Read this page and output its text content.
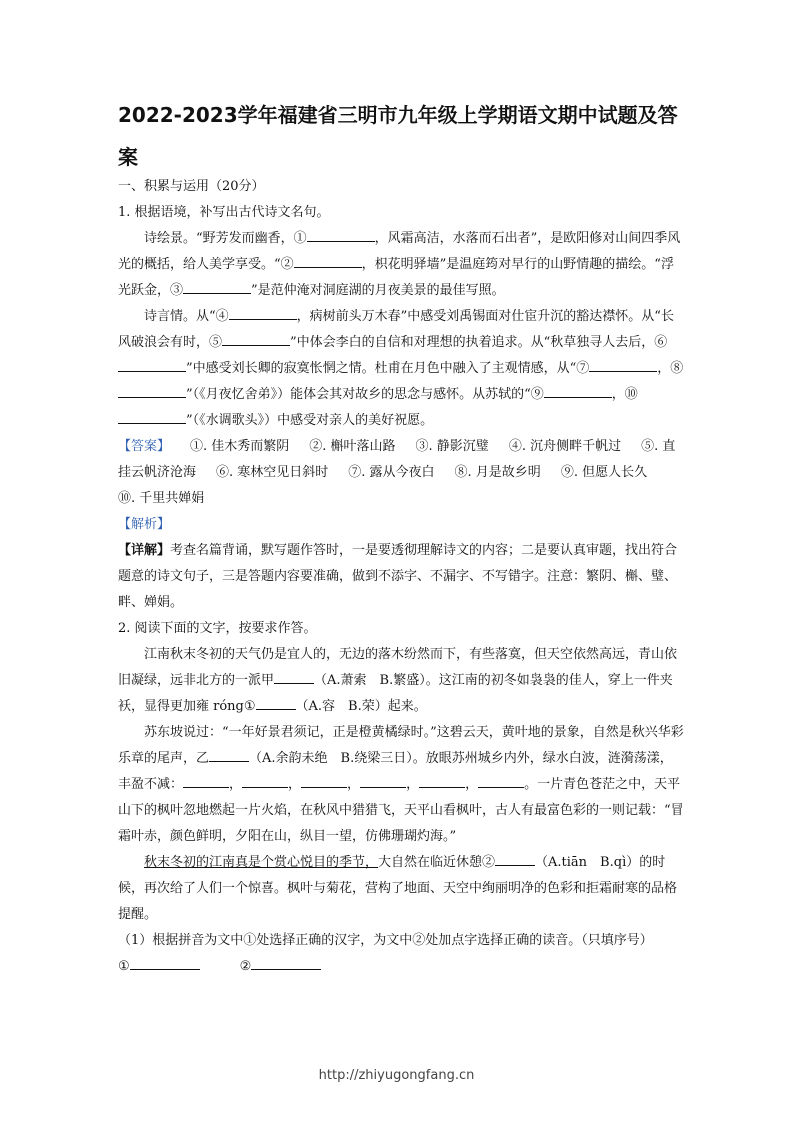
2022-2023学年福建省三明市九年级上学期语文期中试题及答案

一、积累与运用（20分）

1. 根据语境，补写出古代诗文名句。

诗绘景。“野芳发而幽香，①	，风霜高洁，水落而石出者”，是欧阳修对山间四季风光的概括，给人美学享受。“②	，枳花明驿墙”是温庭筠对早行的山野情趣的描绘。“浮光跃金，③	”是范仲淹对洞庭湖的月夜美景的最佳写照。

诗言情。从“④	，病树前头万木春”中感受刘禹锡面对仕宦升沉的豁达襟怀。从“长风破浪会有时，⑤	”中体会李白的自信和对理想的执着追求。从“秋草独寻人去后，⑥”中感受刘长卿的寂寞怅惘之情。杜甫在月色中融入了主观情感，从“⑦	，⑧”（《月夜忆舍弟》）能体会其对故乡的思念与感怀。从苏轼的“⑨	，⑩”（《水调歌头》）中感受对亲人的美好祝愿。

【答案】 ①. 佳木秀而繁阴 ②. 槲叶落山路 ③. 静影沉璧 ④. 沉舟侧畔千帆过 ⑤. 直挂云帆济沧海 ⑥. 寒林空见日斜时 ⑦. 露从今夜白 ⑧. 月是故乡明 ⑨. 但愿人长久⑩. 千里共婵娟

【解析】

【详解】考查名篇背诵，默写题作答时，一是要透彻理解诗文的内容；二是要认真审题，找出符合题意的诗文句子，三是答题内容要准确，做到不添字、不漏字、不写错字。注意：繁阴、槲、璧、畔、婵娟。

2. 阅读下面的文字，按要求作答。

江南秋末冬初的天气仍是宜人的，无边的落木纷然而下，有些落寞，但天空依然高远，青山依旧凝绿，远非北方的一派甲	（A.萧索　B.繁盛）。这江南的初冬如袅袅的佳人，穿上一件夹袄，显得更加雍 róng①	（A.容　B.荣）起来。

苏东坡说过：“一年好景君须记，正是橙黄橘绿时。”这碧云天，黄叶地的景象，自然是秋兴华彩乐章的尾声，乙	（A.余韵未绝　B.绕梁三日）。放眼苏州城乡内外，绿水白波，涟漪荡漾，丰盈不减：	，	，	，	，	，	。一片青色苍茫之中，天平山下的枫叶忽地燃起一片火焰，在秋风中猎猎飞，天平山看枫叶，古人有最富色彩的一则记载：“冒霜叶赤，颜色鲜明，夕阳在山，纵目一望，仿佛珊瑚灼海。”

秋末冬初的江南真是个赏心悦目的季节，大自然在临近休憩②	（A.tiān　B.qì）的时候，再次给了人们一个惊喜。枫叶与菊花，营构了地面、天空中绚丽明净的色彩和拒霜耐寒的品格提醒。

（1）根据拼音为文中①处选择正确的汉字，为文中②处加点字选择正确的读音。（只填序号）

①	②

http://zhiyugongfang.cn
